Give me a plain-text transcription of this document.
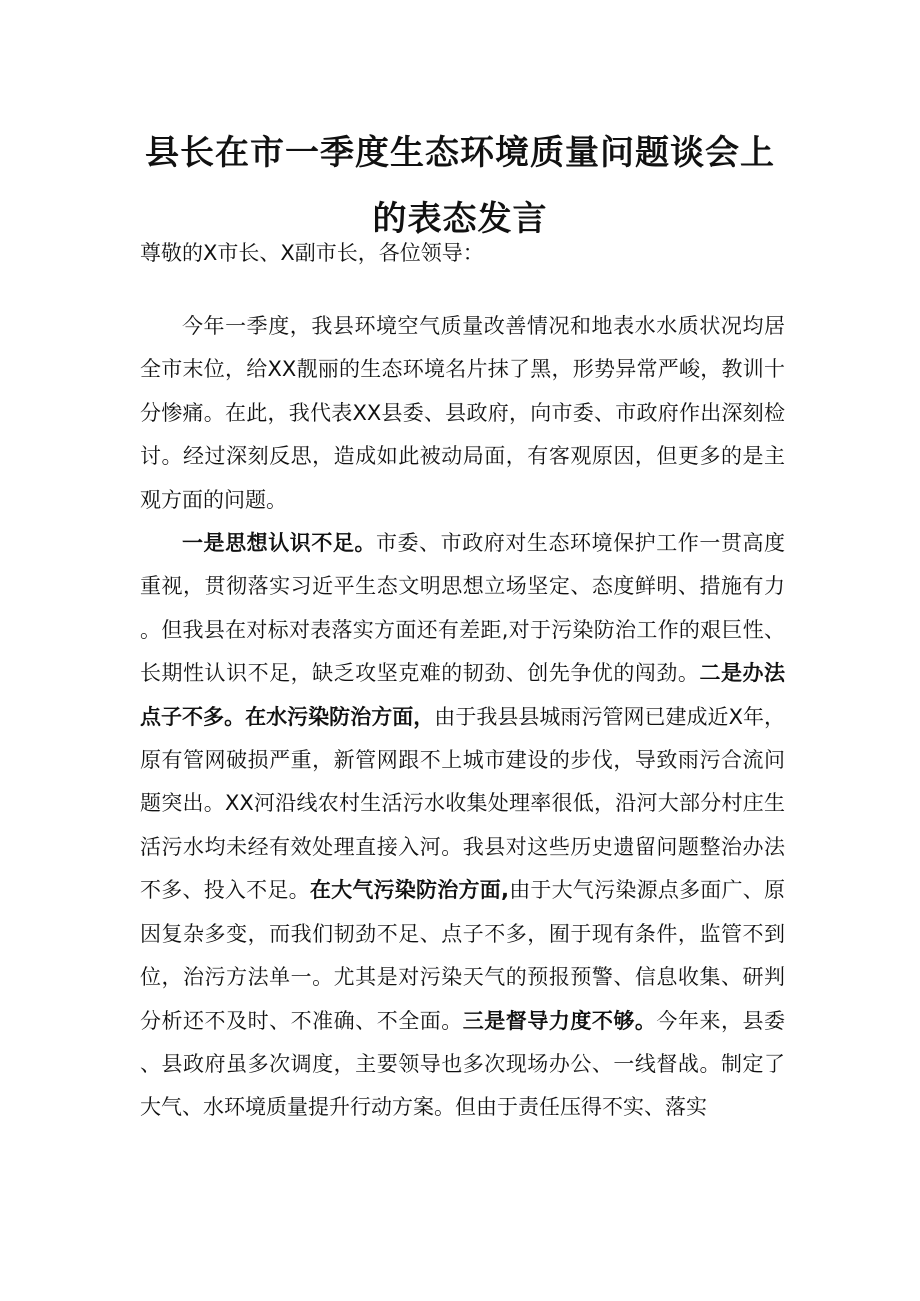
县长在市一季度生态环境质量问题谈会上
的表态发言
尊敬的X市长、X副市长，各位领导：

今年一季度，我县环境空气质量改善情况和地表水水质状况均居全市末位，给XX靓丽的生态环境名片抹了黑，形势异常严峻，教训十分惨痛。在此，我代表XX县委、县政府，向市委、市政府作出深刻检讨。经过深刻反思，造成如此被动局面，有客观原因，但更多的是主观方面的问题。

一是思想认识不足。市委、市政府对生态环境保护工作一贯高度重视，贯彻落实习近平生态文明思想立场坚定、态度鲜明、措施有力。但我县在对标对表落实方面还有差距,对于污染防治工作的艰巨性、长期性认识不足，缺乏攻坚克难的韧劲、创先争优的闯劲。二是办法点子不多。在水污染防治方面，由于我县县城雨污管网已建成近X年，原有管网破损严重，新管网跟不上城市建设的步伐，导致雨污合流问题突出。XX河沿线农村生活污水收集处理率很低，沿河大部分村庄生活污水均未经有效处理直接入河。我县对这些历史遗留问题整治办法不多、投入不足。在大气污染防治方面,由于大气污染源点多面广、原因复杂多变，而我们韧劲不足、点子不多，囿于现有条件，监管不到位，治污方法单一。尤其是对污染天气的预报预警、信息收集、研判分析还不及时、不准确、不全面。三是督导力度不够。今年来，县委、县政府虽多次调度，主要领导也多次现场办公、一线督战。制定了大气、水环境质量提升行动方案。但由于责任压得不实、落实
